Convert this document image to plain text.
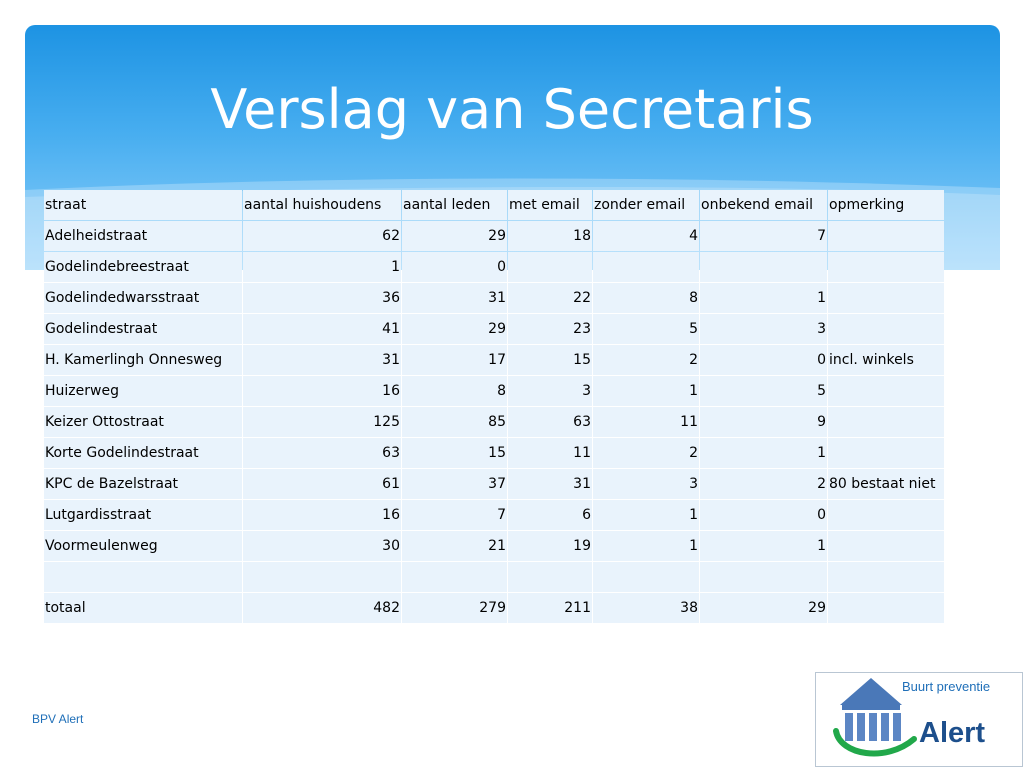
Verslag van Secretaris
straat	aantal huishoudens	aantal leden	met email	zonder email	onbekend email	opmerking
Adelheidstraat	62	29	18	4	7	
Godelindebreestraat	1	0				
Godelindedwarsstraat	36	31	22	8	1	
Godelindestraat	41	29	23	5	3	
H. Kamerlingh Onnesweg	31	17	15	2	0	incl. winkels
Huizerweg	16	8	3	1	5	
Keizer Ottostraat	125	85	63	11	9	
Korte Godelindestraat	63	15	11	2	1	
KPC de Bazelstraat	61	37	31	3	2	80 bestaat niet
Lutgardisstraat	16	7	6	1	0	
Voormeulenweg	30	21	19	1	1	

totaal	482	279	211	38	29	
BPV Alert
Buurt preventie
Alert
